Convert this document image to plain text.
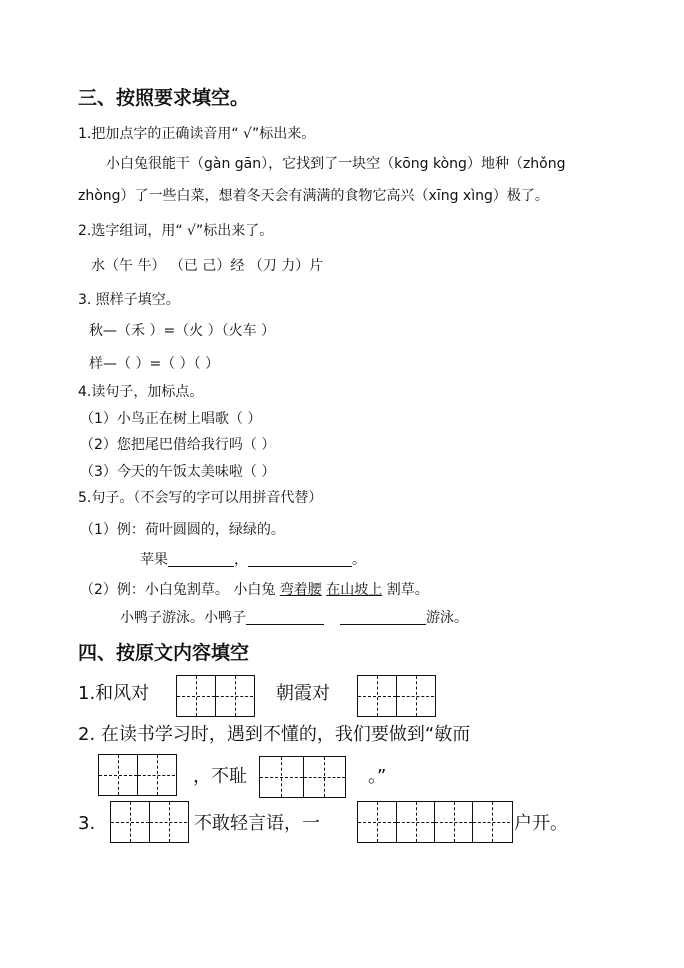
三、按照要求填空。
1.把加点字的正确读音用“ √”标出来。
小白兔很能干（gàn gān），它找到了一块空（kōng kòng）地种（zhǒng
zhòng）了一些白菜，想着冬天会有满满的食物它高兴（xīng xìng）极了。
2.选字组词，用“ √”标出来了。
水（午 牛） （已 己）经 （刀 力）片
3. 照样子填空。
秋—（禾 ）=（火 ）（火车 ）
样—（ ）=（ ）（ ）
4.读句子，加标点。
（1）小鸟正在树上唱歌（ ）
（2）您把尾巴借给我行吗（ ）
（3）今天的午饭太美味啦（ ）
5.句子。（不会写的字可以用拼音代替）
（1）例：荷叶圆圆的，绿绿的。
苹果	，	。
（2）例：小白兔割草。 小白兔 弯着腰 在山坡上 割草。
小鸭子游泳。小鸭子	游泳。
四、按原文内容填空
1.和风对	朝霞对
2. 在读书学习时，遇到不懂的，我们要做到“敏而
，不耻	。”
3.	不敢轻言语，一	户开。
